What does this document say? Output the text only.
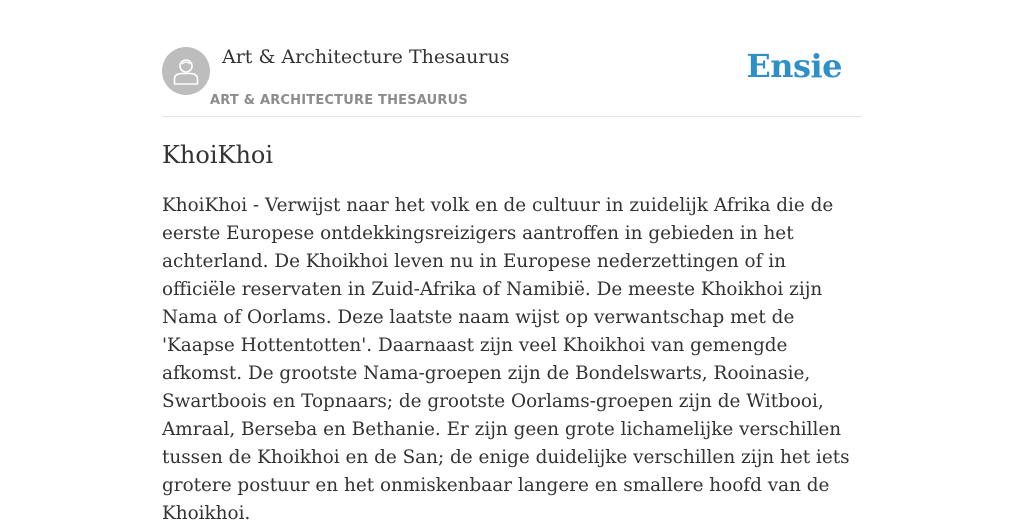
Art & Architecture Thesaurus
ART & ARCHITECTURE THESAURUS
Ensie
KhoiKhoi

KhoiKhoi - Verwijst naar het volk en de cultuur in zuidelijk Afrika die de eerste Europese ontdekkingsreizigers aantroffen in gebieden in het achterland. De Khoikhoi leven nu in Europese nederzettingen of in officiële reservaten in Zuid-Afrika of Namibië. De meeste Khoikhoi zijn Nama of Oorlams. Deze laatste naam wijst op verwantschap met de 'Kaapse Hottentotten'. Daarnaast zijn veel Khoikhoi van gemengde afkomst. De grootste Nama-groepen zijn de Bondelswarts, Rooinasie, Swartboois en Topnaars; de grootste Oorlams-groepen zijn de Witbooi, Amraal, Berseba en Bethanie. Er zijn geen grote lichamelijke verschillen tussen de Khoikhoi en de San; de enige duidelijke verschillen zijn het iets grotere postuur en het onmiskenbaar langere en smallere hoofd van de Khoikhoi.
